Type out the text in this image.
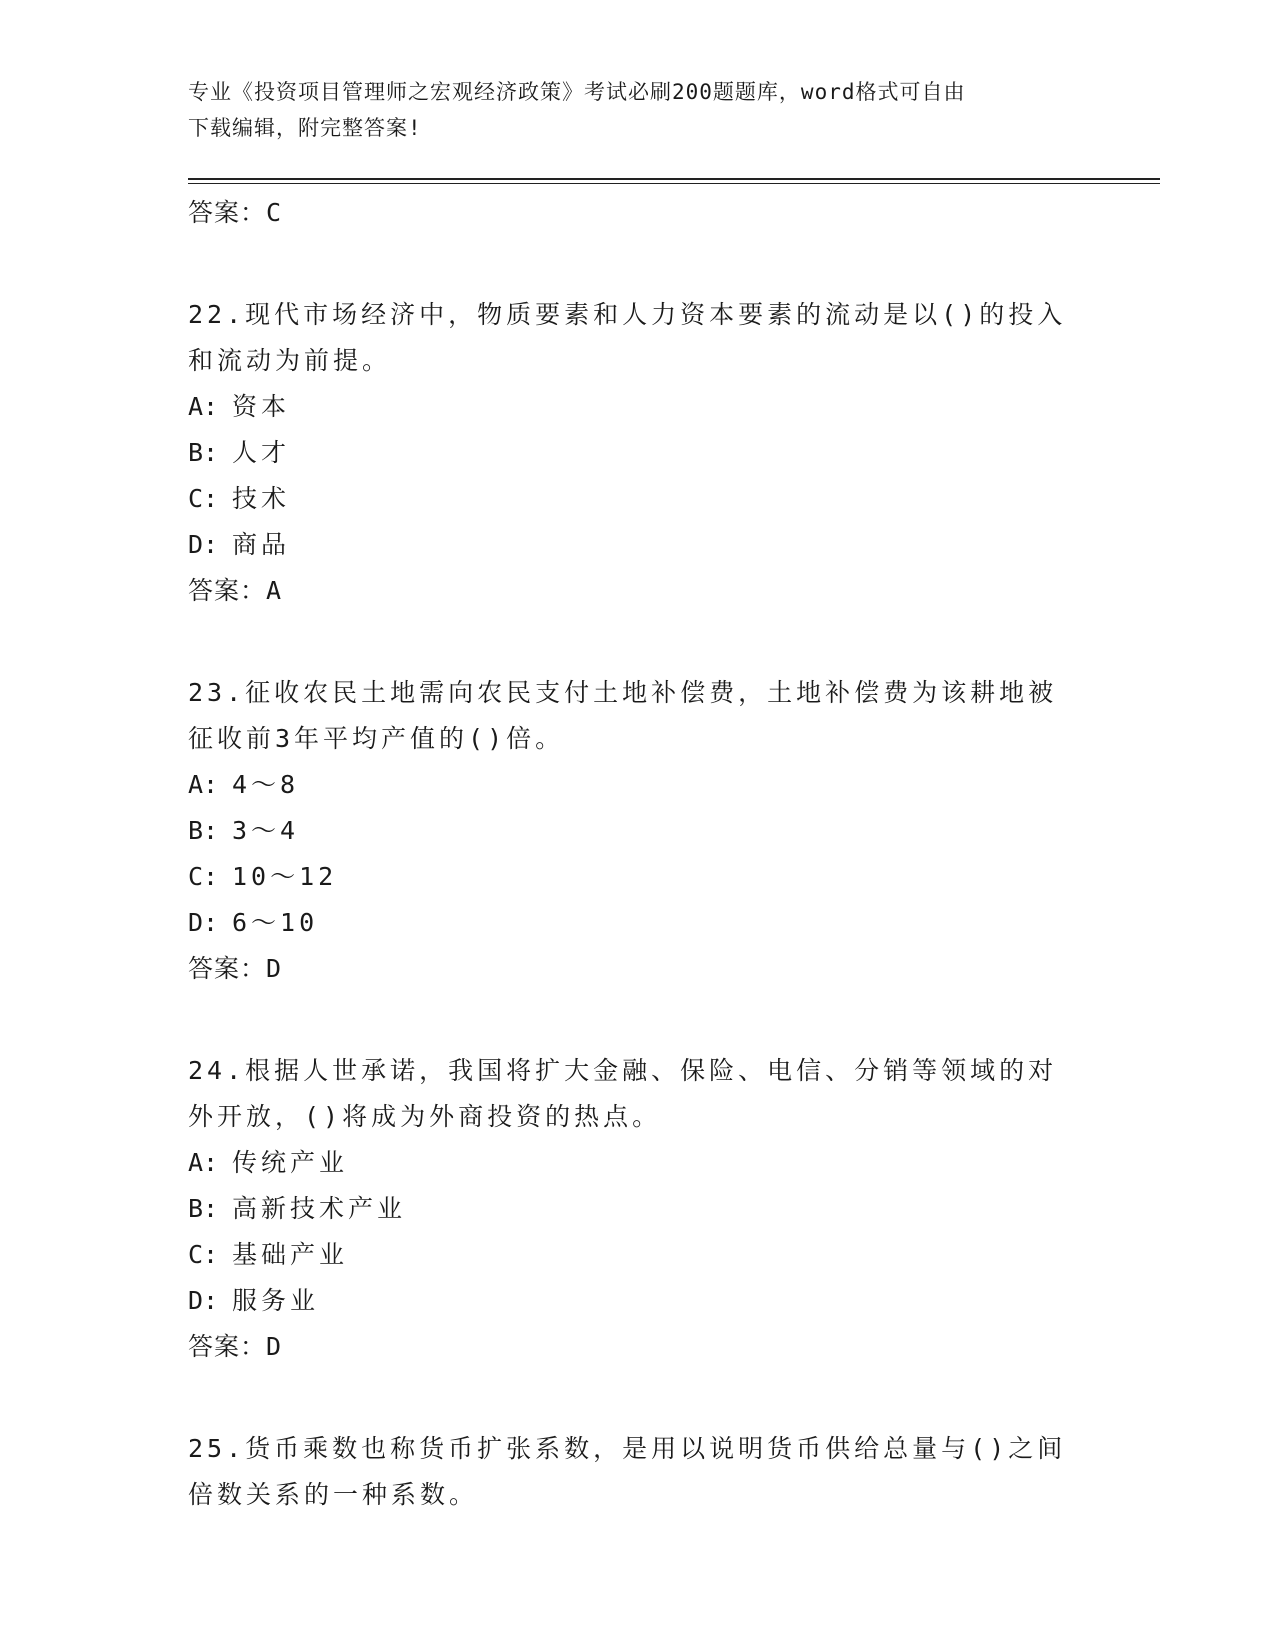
专业《投资项目管理师之宏观经济政策》考试必刷200题题库，word格式可自由
下载编辑，附完整答案!
答案：C
22.现代市场经济中，物质要素和人力资本要素的流动是以()的投入和流动为前提。
A: 资本
B: 人才
C: 技术
D: 商品
答案：A
23.征收农民土地需向农民支付土地补偿费，土地补偿费为该耕地被征收前3年平均产值的()倍。
A: 4～8
B: 3～4
C: 10～12
D: 6～10
答案：D
24.根据人世承诺，我国将扩大金融、保险、电信、分销等领域的对外开放，()将成为外商投资的热点。
A: 传统产业
B: 高新技术产业
C: 基础产业
D: 服务业
答案：D
25.货币乘数也称货币扩张系数，是用以说明货币供给总量与()之间倍数关系的一种系数。
